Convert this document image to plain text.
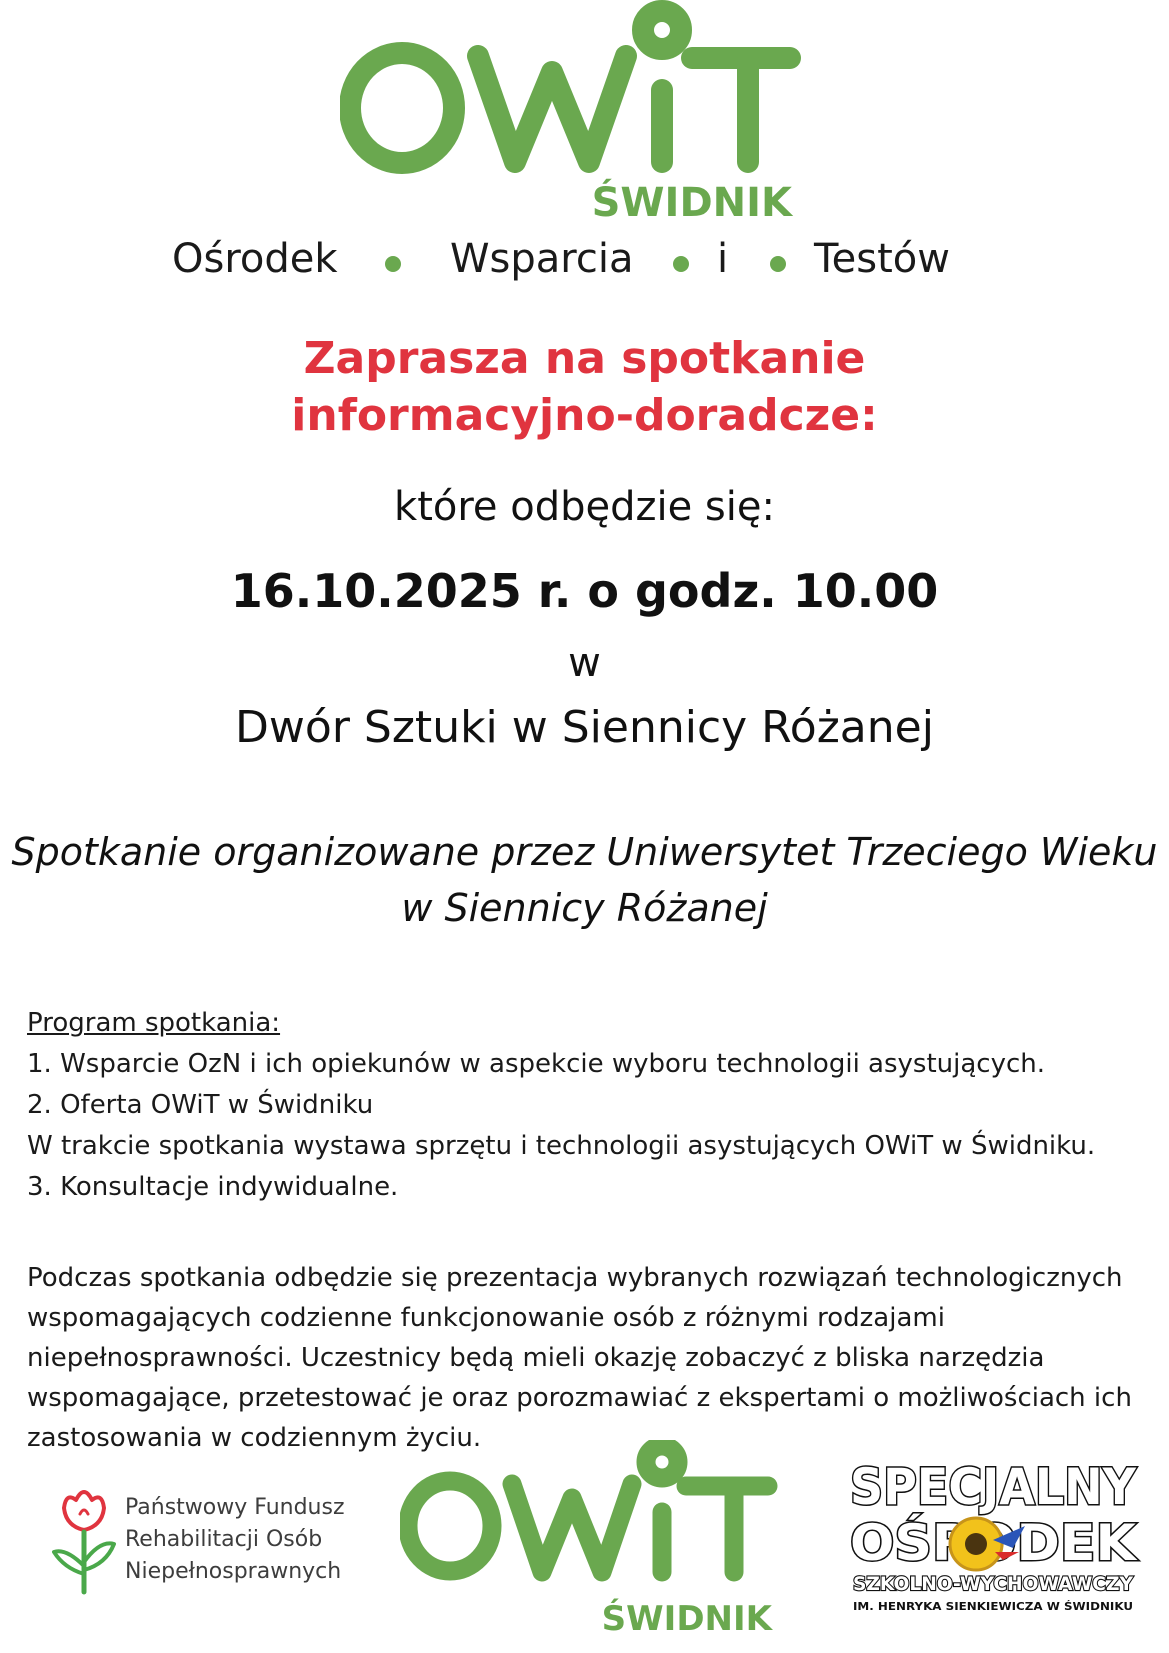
ŚWIDNIK
Ośrodek	Wsparcia i Testów
Zaprasza na spotkanie
informacyjno-doradcze:
które odbędzie się:
16.10.2025 r. o godz. 10.00
w
Dwór Sztuki w Siennicy Różanej
Spotkanie organizowane przez Uniwersytet Trzeciego Wieku
w Siennicy Różanej
Program spotkania:
1. Wsparcie OzN i ich opiekunów w aspekcie wyboru technologii asystujących.
2. Oferta OWiT w Świdniku
W trakcie spotkania wystawa sprzętu i technologii asystujących OWiT w Świdniku.
3. Konsultacje indywidualne.
Podczas spotkania odbędzie się prezentacja wybranych rozwiązań technologicznych wspomagających codzienne funkcjonowanie osób z różnymi rodzajami niepełnosprawności. Uczestnicy będą mieli okazję zobaczyć z bliska narzędzia wspomagające, przetestować je oraz porozmawiać z ekspertami o możliwościach ich zastosowania w codziennym życiu.
Państwowy Fundusz
Rehabilitacji Osób
Niepełnosprawnych
ŚWIDNIK
SPECJALNY
SZKOLNO-WYCHOWAWCZY
IM. HENRYKA SIENKIEWICZA W ŚWIDNIKU
